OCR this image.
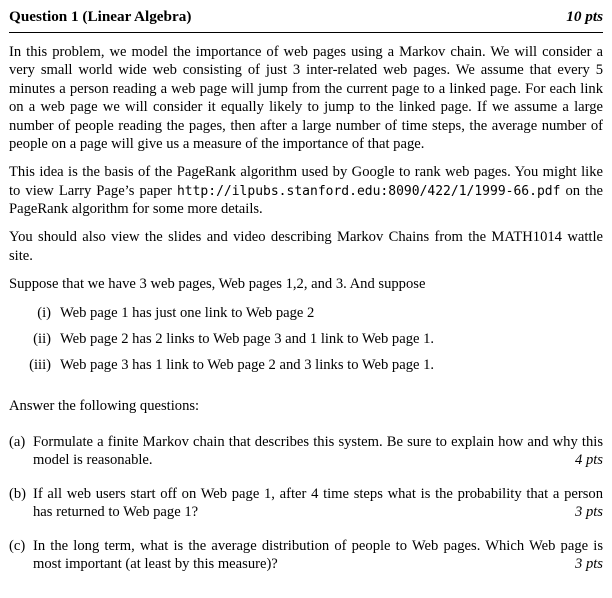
Question 1 (Linear Algebra)	10 pts

In this problem, we model the importance of web pages using a Markov chain. We will consider a very small world wide web consisting of just 3 inter-related web pages. We assume that every 5 minutes a person reading a web page will jump from the current page to a linked page. For each link on a web page we will consider it equally likely to jump to the linked page. If we assume a large number of people reading the pages, then after a large number of time steps, the average number of people on a page will give us a measure of the importance of that page.

This idea is the basis of the PageRank algorithm used by Google to rank web pages. You might like to view Larry Page’s paper http://ilpubs.stanford.edu:8090/422/1/1999-66.pdf on the PageRank algorithm for some more details.

You should also view the slides and video describing Markov Chains from the MATH1014 wattle site.

Suppose that we have 3 web pages, Web pages 1,2, and 3. And suppose

(i) Web page 1 has just one link to Web page 2
(ii) Web page 2 has 2 links to Web page 3 and 1 link to Web page 1.
(iii) Web page 3 has 1 link to Web page 2 and 3 links to Web page 1.

Answer the following questions:

(a) Formulate a finite Markov chain that describes this system. Be sure to explain how and why this model is reasonable.	4 pts
(b) If all web users start off on Web page 1, after 4 time steps what is the probability that a person has returned to Web page 1?	3 pts
(c) In the long term, what is the average distribution of people to Web pages. Which Web page is most important (at least by this measure)?	3 pts
